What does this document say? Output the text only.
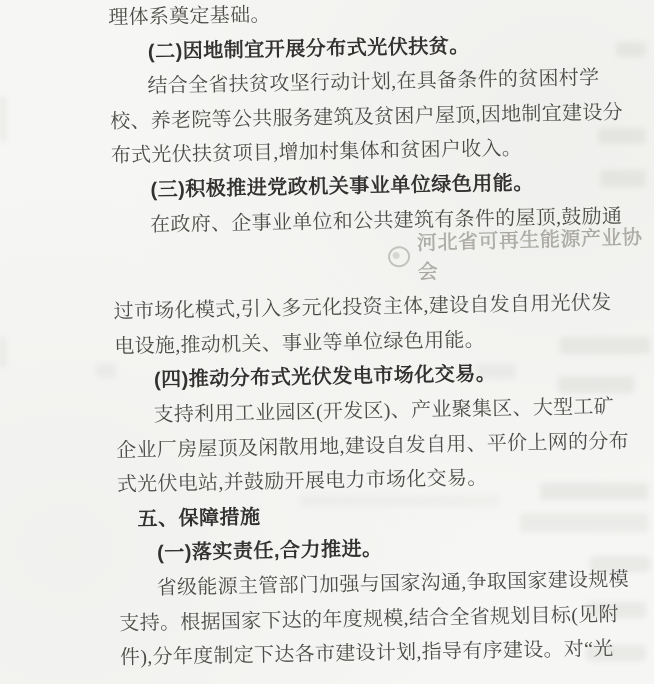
理体系奠定基础。

(二)因地制宜开展分布式光伏扶贫。

结合全省扶贫攻坚行动计划,在具备条件的贫困村学

校、养老院等公共服务建筑及贫困户屋顶,因地制宜建设分

布式光伏扶贫项目,增加村集体和贫困户收入。

(三)积极推进党政机关事业单位绿色用能。

在政府、企事业单位和公共建筑有条件的屋顶,鼓励通

过市场化模式,引入多元化投资主体,建设自发自用光伏发

电设施,推动机关、事业等单位绿色用能。

(四)推动分布式光伏发电市场化交易。

支持利用工业园区(开发区)、产业聚集区、大型工矿

企业厂房屋顶及闲散用地,建设自发自用、平价上网的分布

式光伏电站,并鼓励开展电力市场化交易。

五、保障措施

(一)落实责任,合力推进。

省级能源主管部门加强与国家沟通,争取国家建设规模

支持。根据国家下达的年度规模,结合全省规划目标(见附

件),分年度制定下达各市建设计划,指导有序建设。对“光

河北省可再生能源产业协会
